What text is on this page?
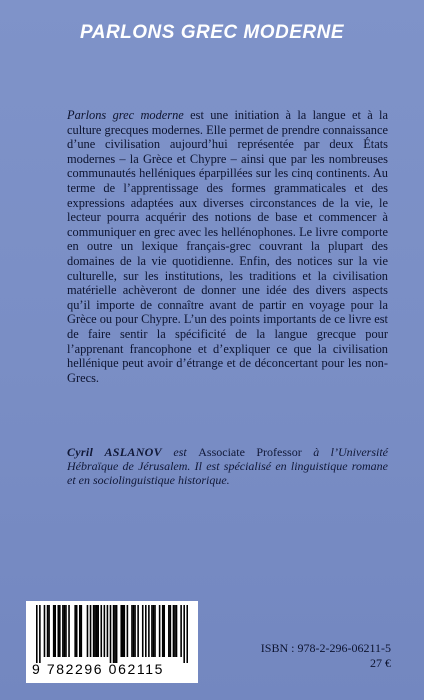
PARLONS GREC MODERNE

Parlons grec moderne est une initiation à la langue et à la culture grecques modernes. Elle permet de prendre connaissance d’une civilisation aujourd’hui représentée par deux États modernes – la Grèce et Chypre – ainsi que par les nombreuses communautés helléniques éparpillées sur les cinq continents. Au terme de l’apprentissage des formes grammaticales et des expressions adaptées aux diverses circonstances de la vie, le lecteur pourra acquérir des notions de base et commencer à communiquer en grec avec les hellénophones. Le livre comporte en outre un lexique français-grec couvrant la plupart des domaines de la vie quotidienne. Enfin, des notices sur la vie culturelle, sur les institutions, les traditions et la civilisation matérielle achèveront de donner une idée des divers aspects qu’il importe de connaître avant de partir en voyage pour la Grèce ou pour Chypre. L’un des points importants de ce livre est de faire sentir la spécificité de la langue grecque pour l’apprenant francophone et d’expliquer ce que la civilisation hellénique peut avoir d’étrange et de déconcertant pour les non-Grecs.

Cyril ASLANOV est Associate Professor à l’Université Hébraïque de Jérusalem. Il est spécialisé en linguistique romane et en sociolinguistique historique.
9 782296 062115
ISBN : 978-2-296-06211-5
27 €
